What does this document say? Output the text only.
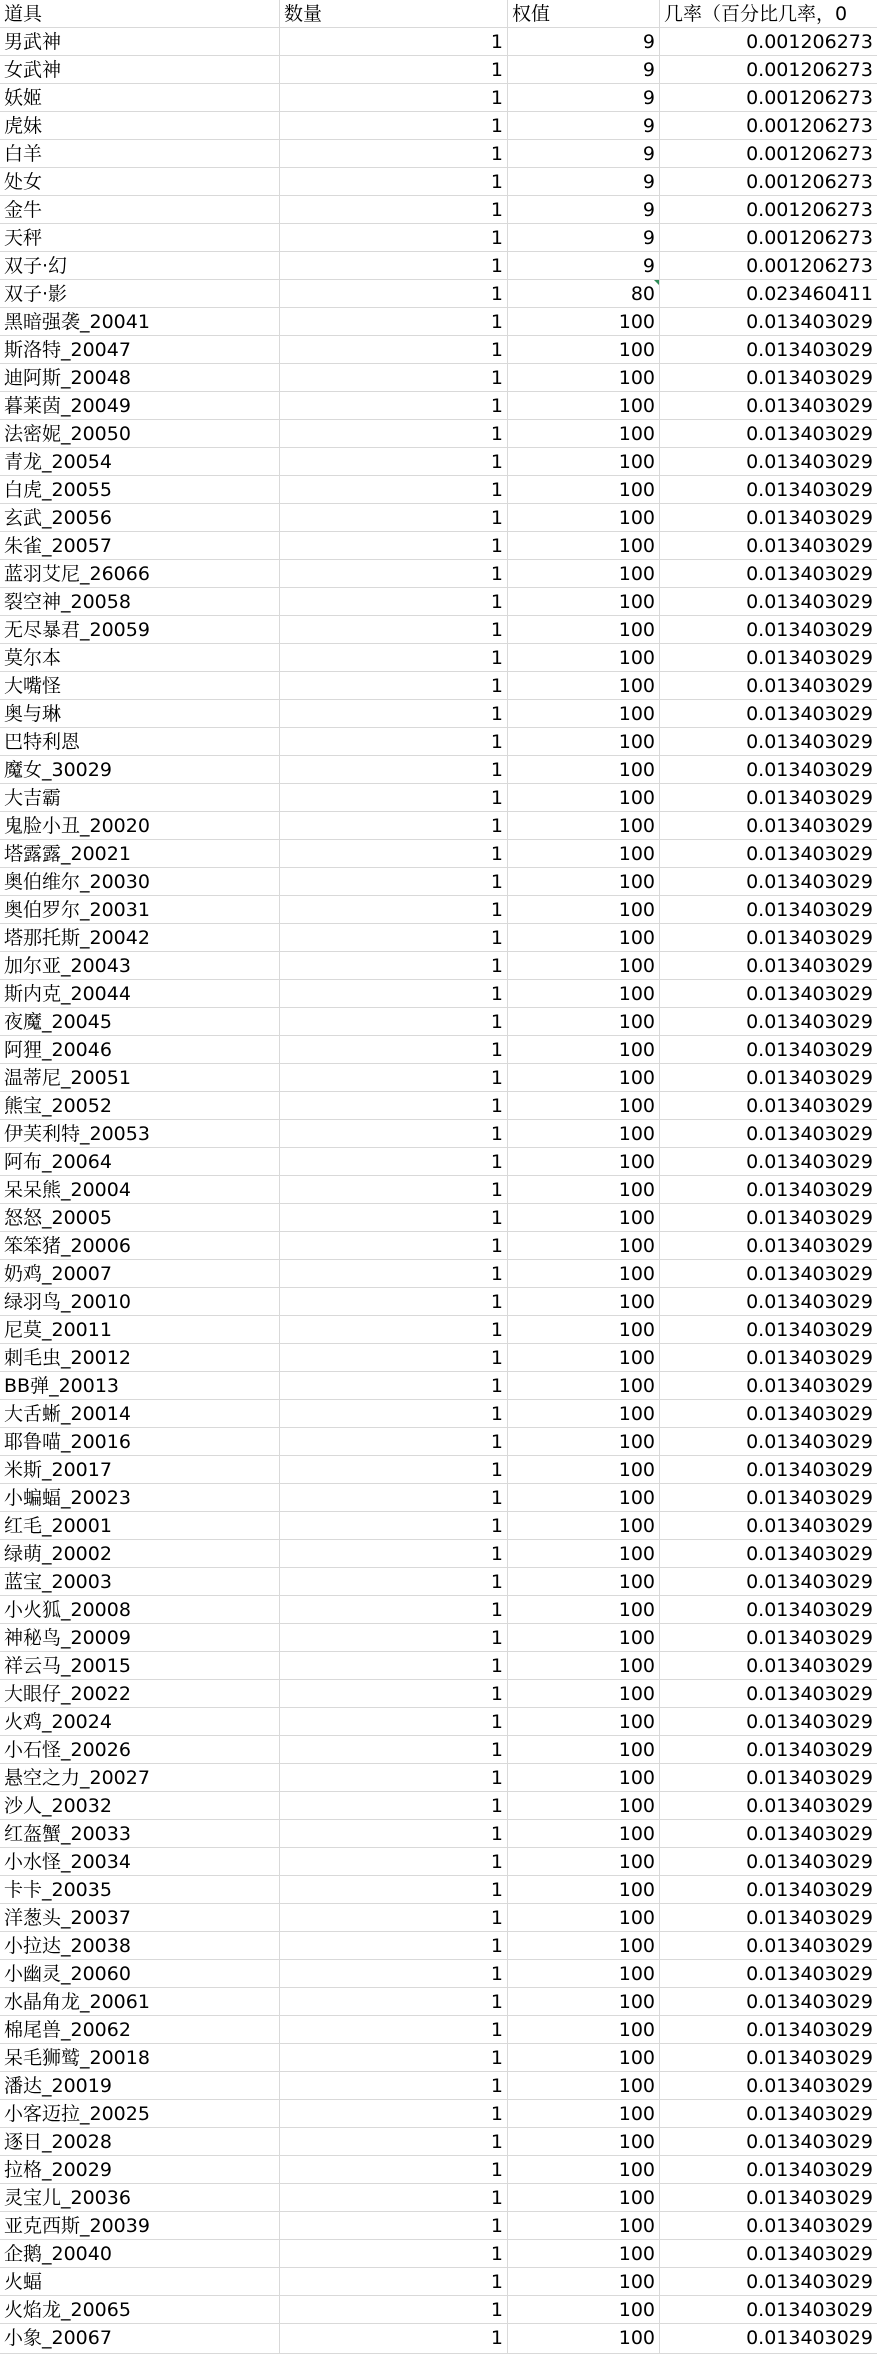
道具	数量	权值	几率（百分比几率，0
男武神	1	9	0.001206273
女武神	1	9	0.001206273
妖姬	1	9	0.001206273
虎妹	1	9	0.001206273
白羊	1	9	0.001206273
处女	1	9	0.001206273
金牛	1	9	0.001206273
天秤	1	9	0.001206273
双子·幻	1	9	0.001206273
双子·影	1	80	0.023460411
黑暗强袭_20041	1	100	0.013403029
斯洛特_20047	1	100	0.013403029
迪阿斯_20048	1	100	0.013403029
暮莱茵_20049	1	100	0.013403029
法密妮_20050	1	100	0.013403029
青龙_20054	1	100	0.013403029
白虎_20055	1	100	0.013403029
玄武_20056	1	100	0.013403029
朱雀_20057	1	100	0.013403029
蓝羽艾尼_26066	1	100	0.013403029
裂空神_20058	1	100	0.013403029
无尽暴君_20059	1	100	0.013403029
莫尔本	1	100	0.013403029
大嘴怪	1	100	0.013403029
奥与琳	1	100	0.013403029
巴特利恩	1	100	0.013403029
魔女_30029	1	100	0.013403029
大吉霸	1	100	0.013403029
鬼脸小丑_20020	1	100	0.013403029
塔露露_20021	1	100	0.013403029
奥伯维尔_20030	1	100	0.013403029
奥伯罗尔_20031	1	100	0.013403029
塔那托斯_20042	1	100	0.013403029
加尔亚_20043	1	100	0.013403029
斯内克_20044	1	100	0.013403029
夜魔_20045	1	100	0.013403029
阿狸_20046	1	100	0.013403029
温蒂尼_20051	1	100	0.013403029
熊宝_20052	1	100	0.013403029
伊芙利特_20053	1	100	0.013403029
阿布_20064	1	100	0.013403029
呆呆熊_20004	1	100	0.013403029
怒怒_20005	1	100	0.013403029
笨笨猪_20006	1	100	0.013403029
奶鸡_20007	1	100	0.013403029
绿羽鸟_20010	1	100	0.013403029
尼莫_20011	1	100	0.013403029
刺毛虫_20012	1	100	0.013403029
BB弹_20013	1	100	0.013403029
大舌蜥_20014	1	100	0.013403029
耶鲁喵_20016	1	100	0.013403029
米斯_20017	1	100	0.013403029
小蝙蝠_20023	1	100	0.013403029
红毛_20001	1	100	0.013403029
绿萌_20002	1	100	0.013403029
蓝宝_20003	1	100	0.013403029
小火狐_20008	1	100	0.013403029
神秘鸟_20009	1	100	0.013403029
祥云马_20015	1	100	0.013403029
大眼仔_20022	1	100	0.013403029
火鸡_20024	1	100	0.013403029
小石怪_20026	1	100	0.013403029
悬空之力_20027	1	100	0.013403029
沙人_20032	1	100	0.013403029
红盔蟹_20033	1	100	0.013403029
小水怪_20034	1	100	0.013403029
卡卡_20035	1	100	0.013403029
洋葱头_20037	1	100	0.013403029
小拉达_20038	1	100	0.013403029
小幽灵_20060	1	100	0.013403029
水晶角龙_20061	1	100	0.013403029
棉尾兽_20062	1	100	0.013403029
呆毛狮鹫_20018	1	100	0.013403029
潘达_20019	1	100	0.013403029
小客迈拉_20025	1	100	0.013403029
逐日_20028	1	100	0.013403029
拉格_20029	1	100	0.013403029
灵宝儿_20036	1	100	0.013403029
亚克西斯_20039	1	100	0.013403029
企鹅_20040	1	100	0.013403029
火蝠	1	100	0.013403029
火焰龙_20065	1	100	0.013403029
小象_20067	1	100	0.013403029
